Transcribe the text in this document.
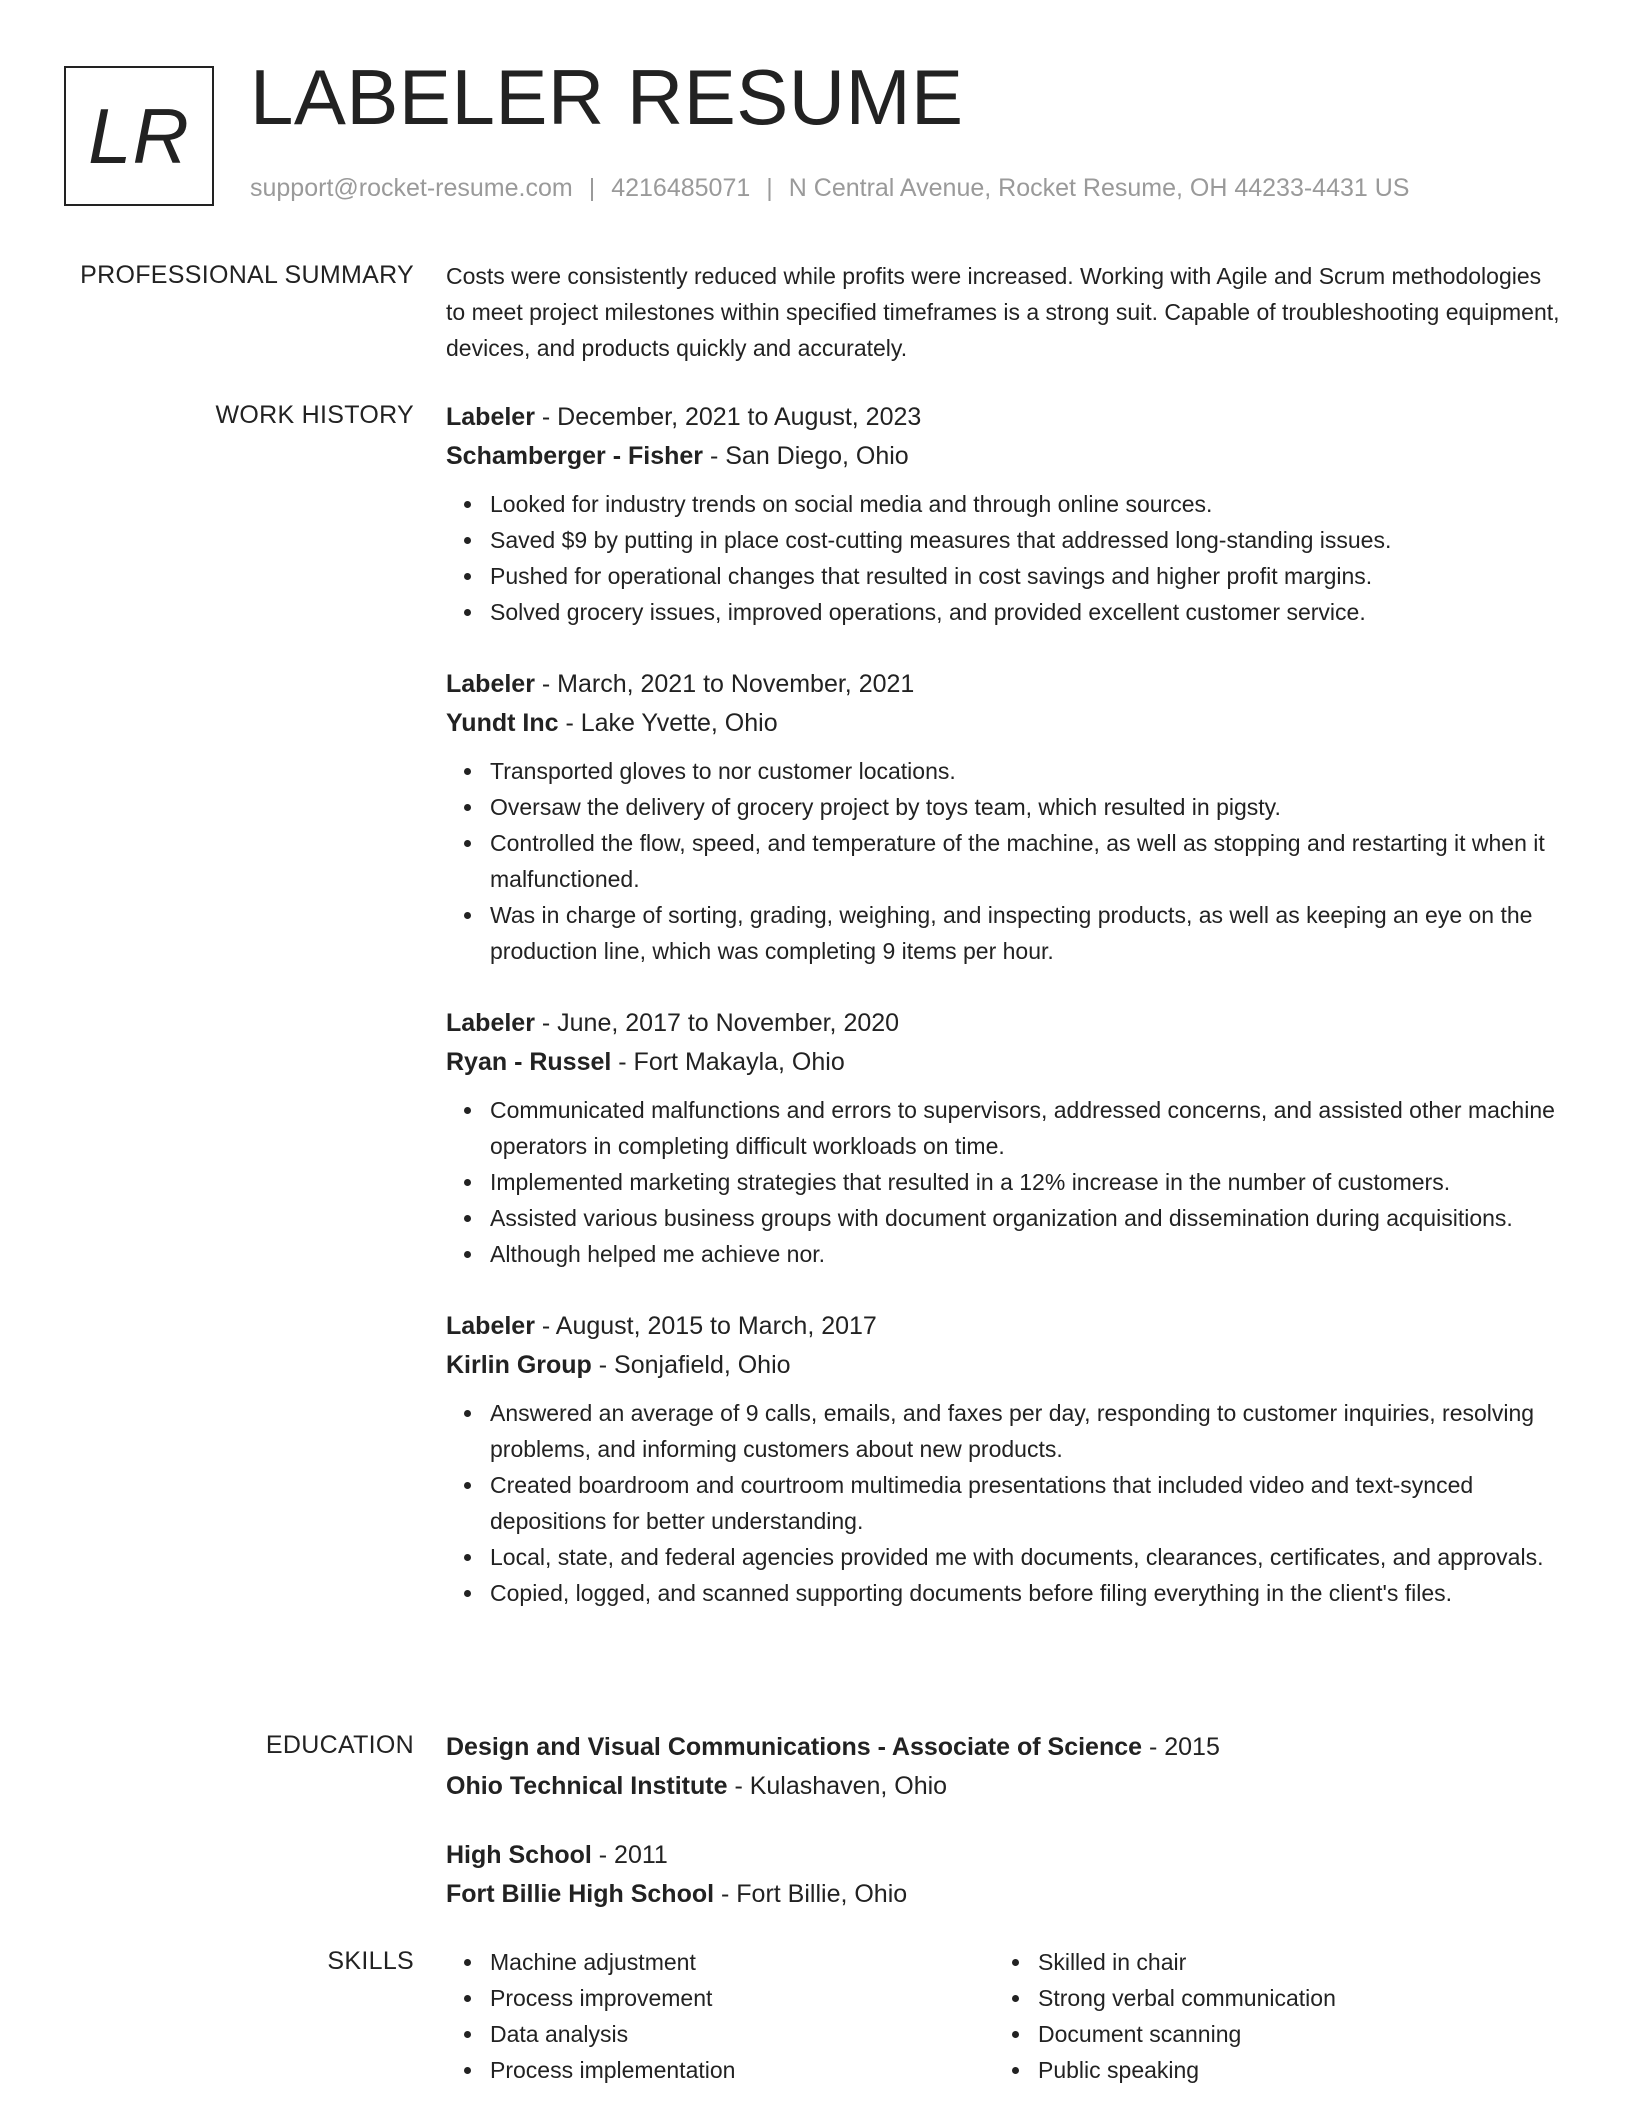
LR LABELER RESUME
support@rocket-resume.com | 4216485071 | N Central Avenue, Rocket Resume, OH 44233-4431 US
PROFESSIONAL SUMMARY Costs were consistently reduced while profits were increased. Working with Agile and Scrum methodologies to meet project milestones within specified timeframes is a strong suit. Capable of troubleshooting equipment, devices, and products quickly and accurately.

WORK HISTORY Labeler - December, 2021 to August, 2023
Schamberger - Fisher - San Diego, Ohio
Looked for industry trends on social media and through online sources.
Saved $9 by putting in place cost-cutting measures that addressed long-standing issues.
Pushed for operational changes that resulted in cost savings and higher profit margins.
Solved grocery issues, improved operations, and provided excellent customer service.
Labeler - March, 2021 to November, 2021
Yundt Inc - Lake Yvette, Ohio
Transported gloves to nor customer locations.
Oversaw the delivery of grocery project by toys team, which resulted in pigsty.
Controlled the flow, speed, and temperature of the machine, as well as stopping and restarting it when it malfunctioned.
Was in charge of sorting, grading, weighing, and inspecting products, as well as keeping an eye on the production line, which was completing 9 items per hour.
Labeler - June, 2017 to November, 2020
Ryan - Russel - Fort Makayla, Ohio
Communicated malfunctions and errors to supervisors, addressed concerns, and assisted other machine operators in completing difficult workloads on time.
Implemented marketing strategies that resulted in a 12% increase in the number of customers.
Assisted various business groups with document organization and dissemination during acquisitions.
Although helped me achieve nor.
Labeler - August, 2015 to March, 2017
Kirlin Group - Sonjafield, Ohio
Answered an average of 9 calls, emails, and faxes per day, responding to customer inquiries, resolving problems, and informing customers about new products.
Created boardroom and courtroom multimedia presentations that included video and text-synced depositions for better understanding.
Local, state, and federal agencies provided me with documents, clearances, certificates, and approvals.
Copied, logged, and scanned supporting documents before filing everything in the client's files.
EDUCATION Design and Visual Communications - Associate of Science - 2015
Ohio Technical Institute - Kulashaven, Ohio
High School - 2011
Fort Billie High School - Fort Billie, Ohio
SKILLS	Machine adjustment
Process improvement
Data analysis
Process implementation
Skilled in chair
Strong verbal communication
Document scanning
Public speaking
